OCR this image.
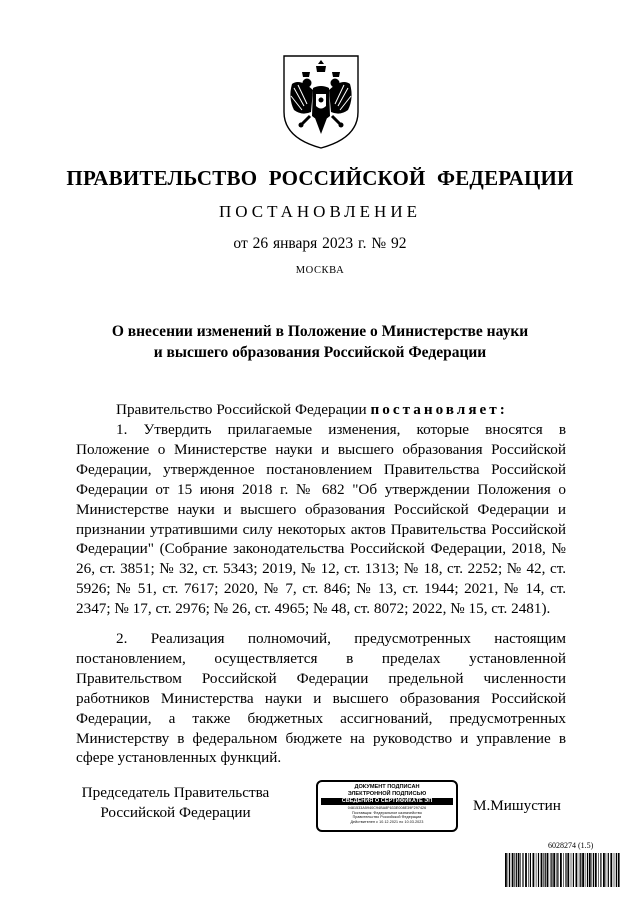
ПРАВИТЕЛЬСТВО РОССИЙСКОЙ ФЕДЕРАЦИИ
ПОСТАНОВЛЕНИЕ
от 26 января 2023 г. № 92
МОСКВА
О внесении изменений в Положение о Министерстве науки
и высшего образования Российской Федерации

Правительство Российской Федерации постановляет:

1. Утвердить прилагаемые изменения, которые вносятся в Положение о Министерстве науки и высшего образования Российской Федерации, утвержденное постановлением Правительства Российской Федерации от 15 июня 2018 г. № 682 "Об утверждении Положения о Министерстве науки и высшего образования Российской Федерации и признании утратившими силу некоторых актов Правительства Российской Федерации" (Собрание законодательства Российской Федерации, 2018, № 26, ст. 3851; № 32, ст. 5343; 2019, № 12, ст. 1313; № 18, ст. 2252; № 42, ст. 5926; № 51, ст. 7617; 2020, № 7, ст. 846; № 13, ст. 1944; 2021, № 14, ст. 2347; № 17, ст. 2976; № 26, ст. 4965; № 48, ст. 8072; 2022, № 15, ст. 2481).

2. Реализация полномочий, предусмотренных настоящим постановлением, осуществляется в пределах установленной Правительством Российской Федерации предельной численности работников Министерства науки и высшего образования Российской Федерации, а также бюджетных ассигнований, предусмотренных Министерству в федеральном бюджете на руководство и управление в сфере установленных функций.

Председатель Правительства
Российской Федерации
ДОКУМЕНТ ПОДПИСАН
ЭЛЕКТРОННОЙ ПОДПИСЬЮ
СВЕДЕНИЯ О СЕРТИФИКАТЕ ЭП
0481533A5940C94BA8F633E008E39F297426
Поставщик: Федеральное казначейство
Правительство Российской Федерации
Действителен с 10.12.2021 по 10.03.2023
М.Мишустин
6028274 (1.5)
